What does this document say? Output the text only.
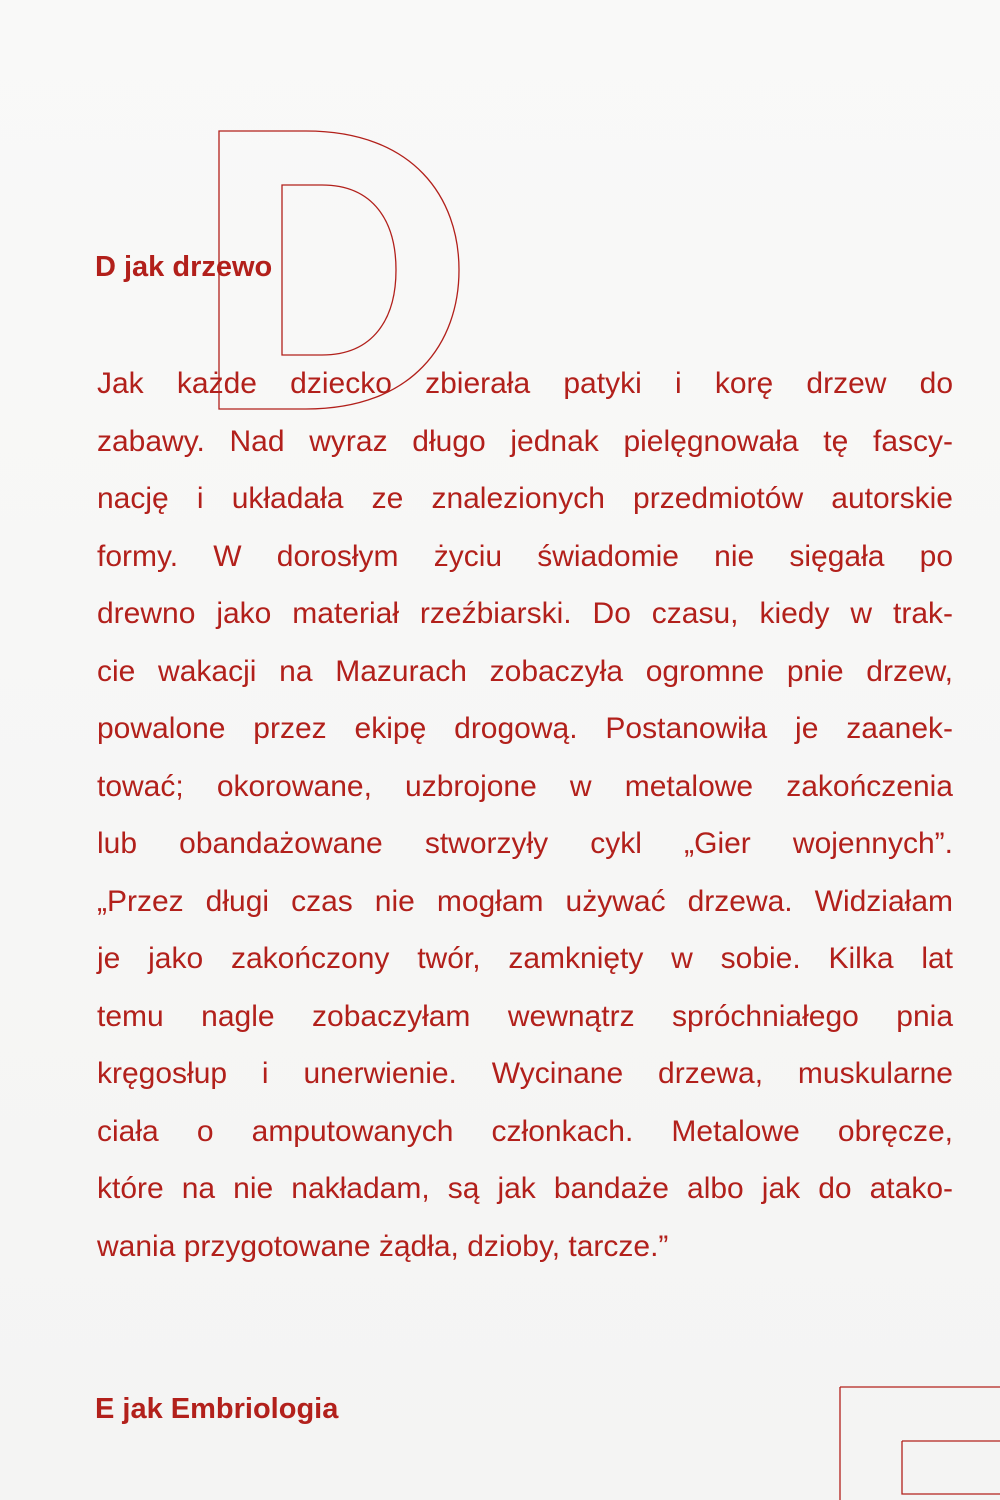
D jak drzewo
Jak każde dziecko zbierała patyki i korę drzew do
zabawy. Nad wyraz długo jednak pielęgnowała tę fascy-
nację i układała ze znalezionych przedmiotów autorskie
formy. W dorosłym życiu świadomie nie sięgała po
drewno jako materiał rzeźbiarski. Do czasu, kiedy w trak-
cie wakacji na Mazurach zobaczyła ogromne pnie drzew,
powalone przez ekipę drogową. Postanowiła je zaanek-
tować; okorowane, uzbrojone w metalowe zakończenia
lub obandażowane stworzyły cykl „Gier wojennych”.
„Przez długi czas nie mogłam używać drzewa. Widziałam
je jako zakończony twór, zamknięty w sobie. Kilka lat
temu nagle zobaczyłam wewnątrz spróchniałego pnia
kręgosłup i unerwienie. Wycinane drzewa, muskularne
ciała o amputowanych członkach. Metalowe obręcze,
które na nie nakładam, są jak bandaże albo jak do atako-
wania przygotowane żądła, dzioby, tarcze.”
E jak Embriologia
